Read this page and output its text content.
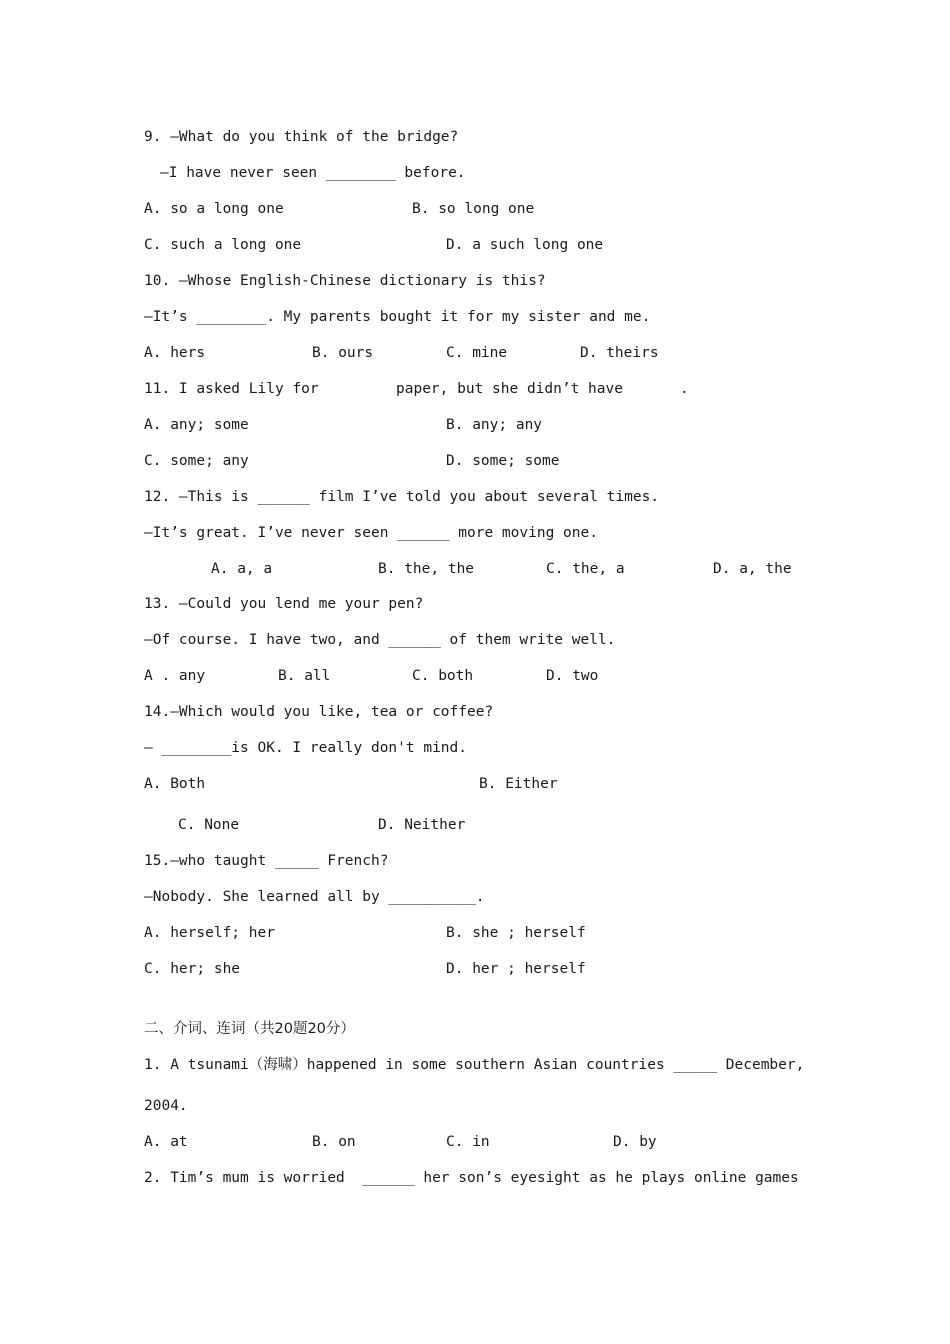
9. —What do you think of the bridge?
—I have never seen ________ before.
A. so a long one	B. so long one
C. such a long one	D. a such long one
10. —Whose English-Chinese dictionary is this?
—It’s ________. My parents bought it for my sister and me.
A. hers	B. ours	C. mine	D. theirs
11. I asked Lily for	paper, but she didn’t have	.
A. any; some	B. any; any
C. some; any	D. some; some
12. —This is ______ film I’ve told you about several times.
—It’s great. I’ve never seen ______ more moving one.
A. a, a	B. the, the	C. the, a	D. a, the
13. —Could you lend me your pen?
—Of course. I have two, and ______ of them write well.
A . any	B. all	C. both	D. two
14.—Which would you like, tea or coffee?
— ________is OK. I really don't mind.
A. Both	B. Either
C. None	D. Neither
15.—who taught _____ French?
—Nobody. She learned all by __________.
A. herself; her	B. she ; herself
C. her; she	D. her ; herself
二、介词、连词（共20题20分）
1. A tsunami（海啸）happened in some southern Asian countries _____ December,
2004.
A. at	B. on	C. in	D. by
2. Tim’s mum is worried  ______ her son’s eyesight as he plays online games
